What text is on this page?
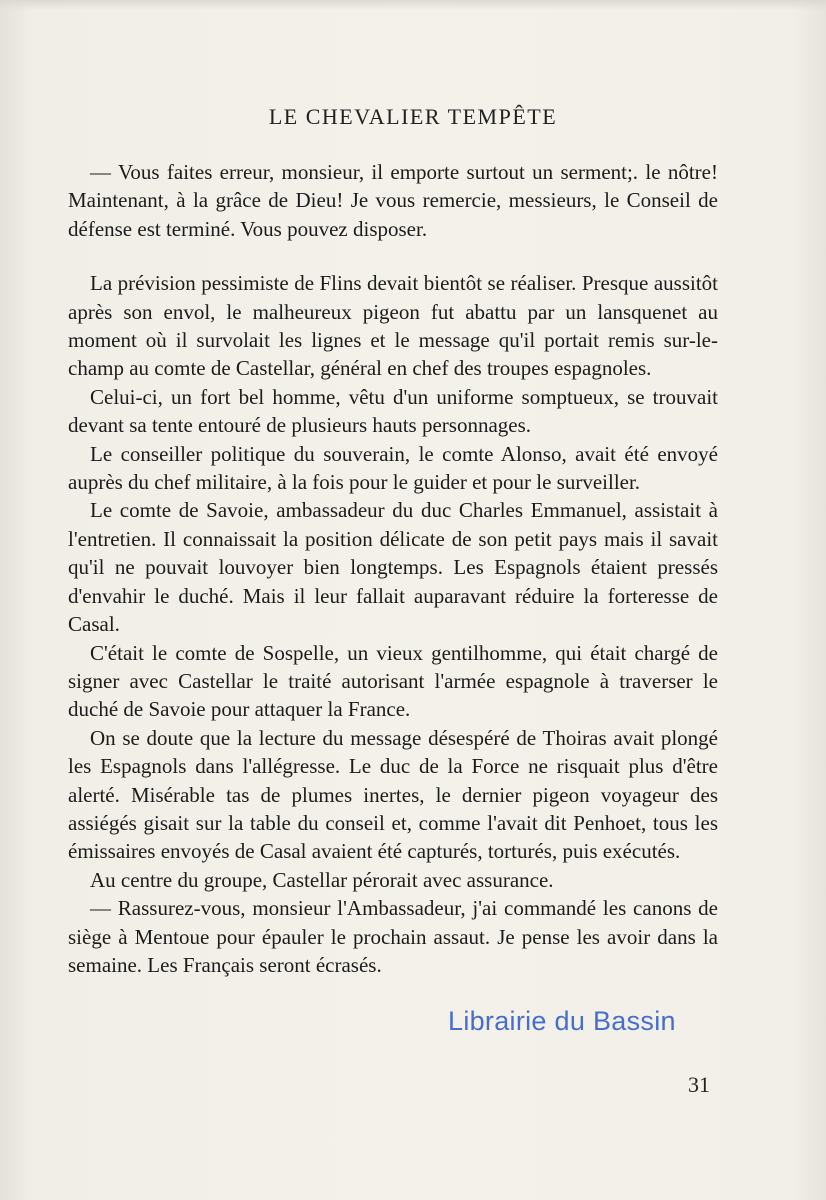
LE CHEVALIER TEMPÊTE

— Vous faites erreur, monsieur, il emporte surtout un serment;. le nôtre! Maintenant, à la grâce de Dieu! Je vous remercie, messieurs, le Conseil de défense est terminé. Vous pouvez disposer.

La prévision pessimiste de Flins devait bientôt se réaliser. Presque aussitôt après son envol, le malheureux pigeon fut abattu par un lansquenet au moment où il survolait les lignes et le message qu'il portait remis sur-le-champ au comte de Castellar, général en chef des troupes espagnoles.

Celui-ci, un fort bel homme, vêtu d'un uniforme somptueux, se trouvait devant sa tente entouré de plusieurs hauts personnages.

Le conseiller politique du souverain, le comte Alonso, avait été envoyé auprès du chef militaire, à la fois pour le guider et pour le surveiller.

Le comte de Savoie, ambassadeur du duc Charles Emmanuel, assistait à l'entretien. Il connaissait la position délicate de son petit pays mais il savait qu'il ne pouvait louvoyer bien longtemps. Les Espagnols étaient pressés d'envahir le duché. Mais il leur fallait auparavant réduire la forteresse de Casal.

C'était le comte de Sospelle, un vieux gentilhomme, qui était chargé de signer avec Castellar le traité autorisant l'armée espagnole à traverser le duché de Savoie pour attaquer la France.

On se doute que la lecture du message désespéré de Thoiras avait plongé les Espagnols dans l'allégresse. Le duc de la Force ne risquait plus d'être alerté. Misérable tas de plumes inertes, le dernier pigeon voyageur des assiégés gisait sur la table du conseil et, comme l'avait dit Penhoet, tous les émissaires envoyés de Casal avaient été capturés, torturés, puis exécutés.

Au centre du groupe, Castellar pérorait avec assurance.

— Rassurez-vous, monsieur l'Ambassadeur, j'ai commandé les canons de siège à Mentoue pour épauler le prochain assaut. Je pense les avoir dans la semaine. Les Français seront écrasés.

Librairie du Bassin
31
